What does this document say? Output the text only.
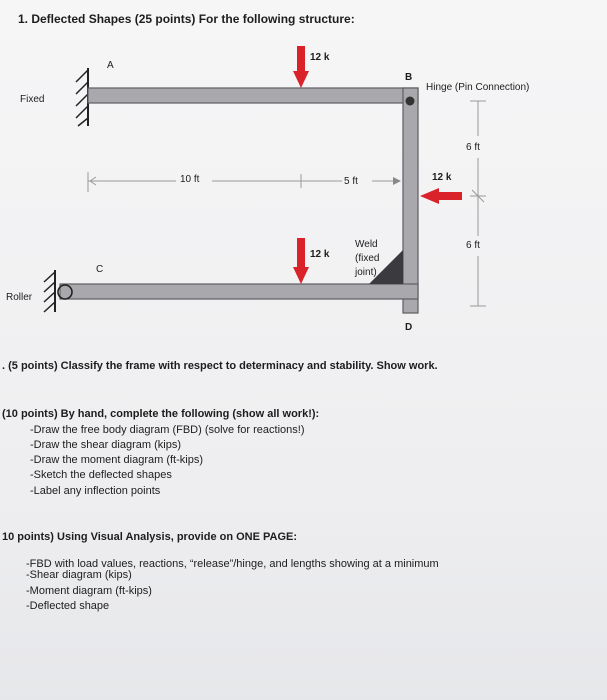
1. Deflected Shapes (25 points) For the following structure:
A
B
C
D
Fixed
Roller
Hinge (Pin Connection)
Weld
(fixed
joint)
12 k
12 k
12 k
10 ft	5 ft
6 ft
6 ft
. (5 points) Classify the frame with respect to determinacy and stability. Show work.
(10 points) By hand, complete the following (show all work!):
-Draw the free body diagram (FBD) (solve for reactions!)
-Draw the shear diagram (kips)
-Draw the moment diagram (ft-kips)
-Sketch the deflected shapes
-Label any inflection points
10 points) Using Visual Analysis, provide on ONE PAGE:
-FBD with load values, reactions, “release”/hinge, and lengths showing at a minimum
-Shear diagram (kips)
-Moment diagram (ft-kips)
-Deflected shape
